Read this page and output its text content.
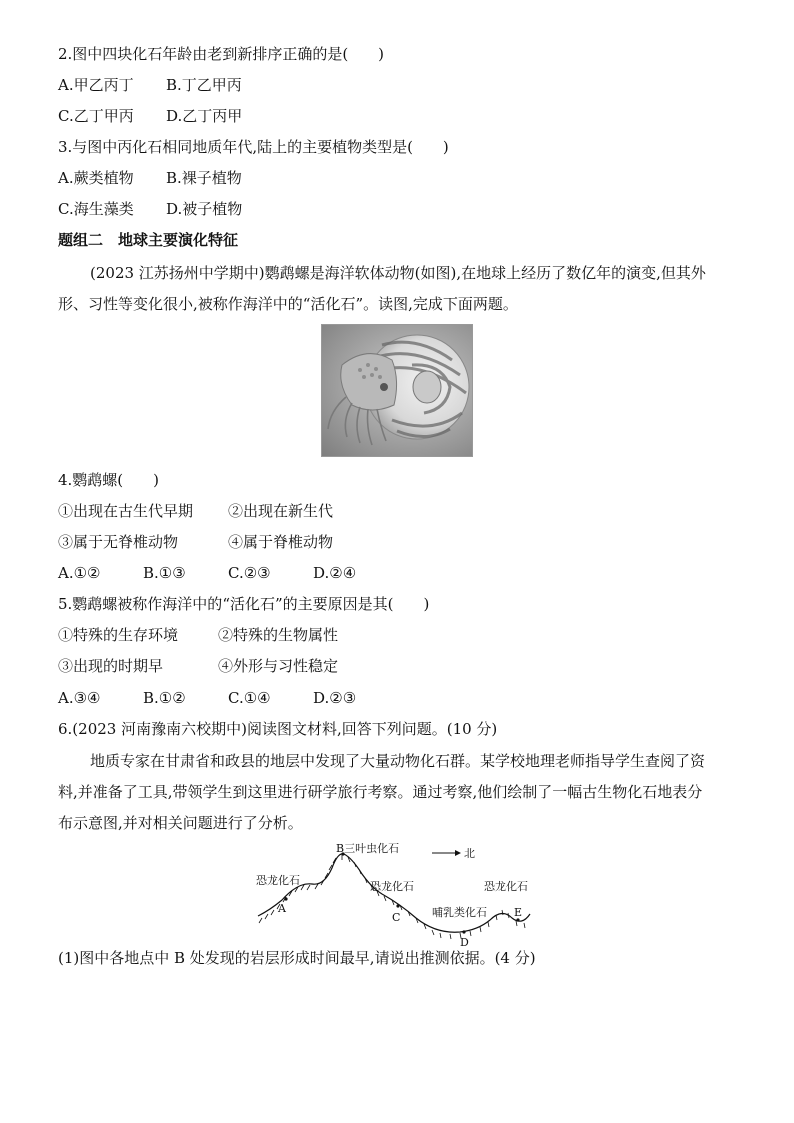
2.图中四块化石年龄由老到新排序正确的是(　　)
A.甲乙丙丁 B.丁乙甲丙
C.乙丁甲丙 D.乙丁丙甲
3.与图中丙化石相同地质年代,陆上的主要植物类型是(　　)
A.蕨类植物 B.裸子植物
C.海生藻类 D.被子植物
题组二　地球主要演化特征
(2023 江苏扬州中学期中)鹦鹉螺是海洋软体动物(如图),在地球上经历了数亿年的演变,但其外
形、习性等变化很小,被称作海洋中的“活化石”。读图,完成下面两题。
4.鹦鹉螺(　　)
①出现在古生代早期 ②出现在新生代
③属于无脊椎动物	④属于脊椎动物
A.①②	B.①③	C.②③	D.②④
5.鹦鹉螺被称作海洋中的“活化石”的主要原因是其(　　)
①特殊的生存环境	②特殊的生物属性
③出现的时期早	④外形与习性稳定
A.③④	B.①②	C.①④	D.②③
6.(2023 河南豫南六校期中)阅读图文材料,回答下列问题。(10 分)
地质专家在甘肃省和政县的地层中发现了大量动物化石群。某学校地理老师指导学生查阅了资
料,并准备了工具,带领学生到这里进行研学旅行考察。通过考察,他们绘制了一幅古生物化石地表分
布示意图,并对相关问题进行了分析。
北
B三叶虫化石
恐龙化石
A
恐龙化石
C	哺乳类化石
D
恐龙化石
E
(1)图中各地点中 B 处发现的岩层形成时间最早,请说出推测依据。(4 分)
